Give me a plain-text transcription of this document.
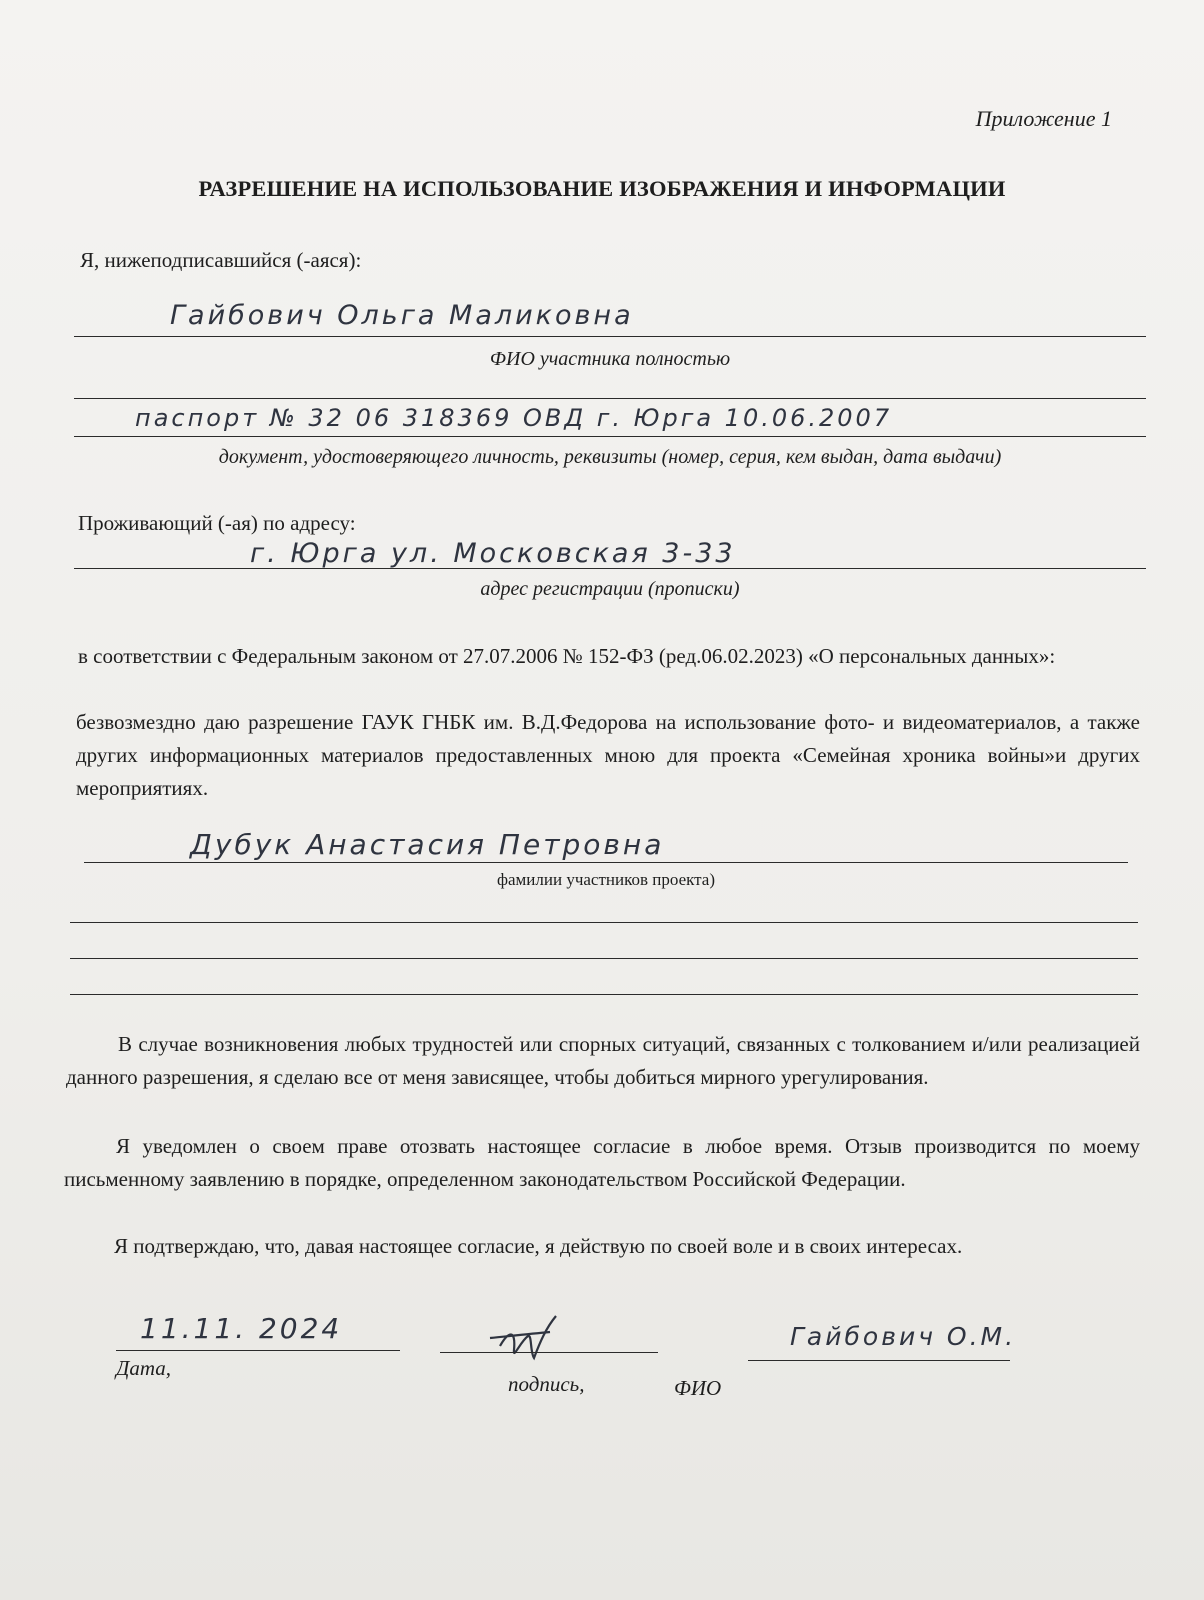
Приложение 1
РАЗРЕШЕНИЕ НА ИСПОЛЬЗОВАНИЕ ИЗОБРАЖЕНИЯ И ИНФОРМАЦИИ
Я, нижеподписавшийся (-аяся):
Гайбович Ольга Маликовна
ФИО участника полностью
паспорт № 32 06 318369 ОВД г. Юрга 10.06.2007
документ, удостоверяющего личность, реквизиты (номер, серия, кем выдан, дата выдачи)
Проживающий (-ая) по адресу:
г. Юрга ул. Московская 3-33
адрес регистрации (прописки)
в соответствии с Федеральным законом от 27.07.2006 № 152-ФЗ (ред.06.02.2023) «О персональных данных»:
безвозмездно даю разрешение ГАУК ГНБК им. В.Д.Федорова на использование фото- и видеоматериалов, а также других информационных материалов предоставленных мною для проекта «Семейная хроника войны»и других мероприятиях.
Дубук Анастасия Петровна
фамилии участников проекта)
В случае возникновения любых трудностей или спорных ситуаций, связанных с толкованием и/или реализацией данного разрешения, я сделаю все от меня зависящее, чтобы добиться мирного урегулирования.
Я уведомлен о своем праве отозвать настоящее согласие в любое время. Отзыв производится по моему письменному заявлению в порядке, определенном законодательством Российской Федерации.
Я подтверждаю, что, давая настоящее согласие, я действую по своей воле и в своих интересах.
11.11. 2024
Дата,
подпись,	ФИО
Гайбович О.М.
